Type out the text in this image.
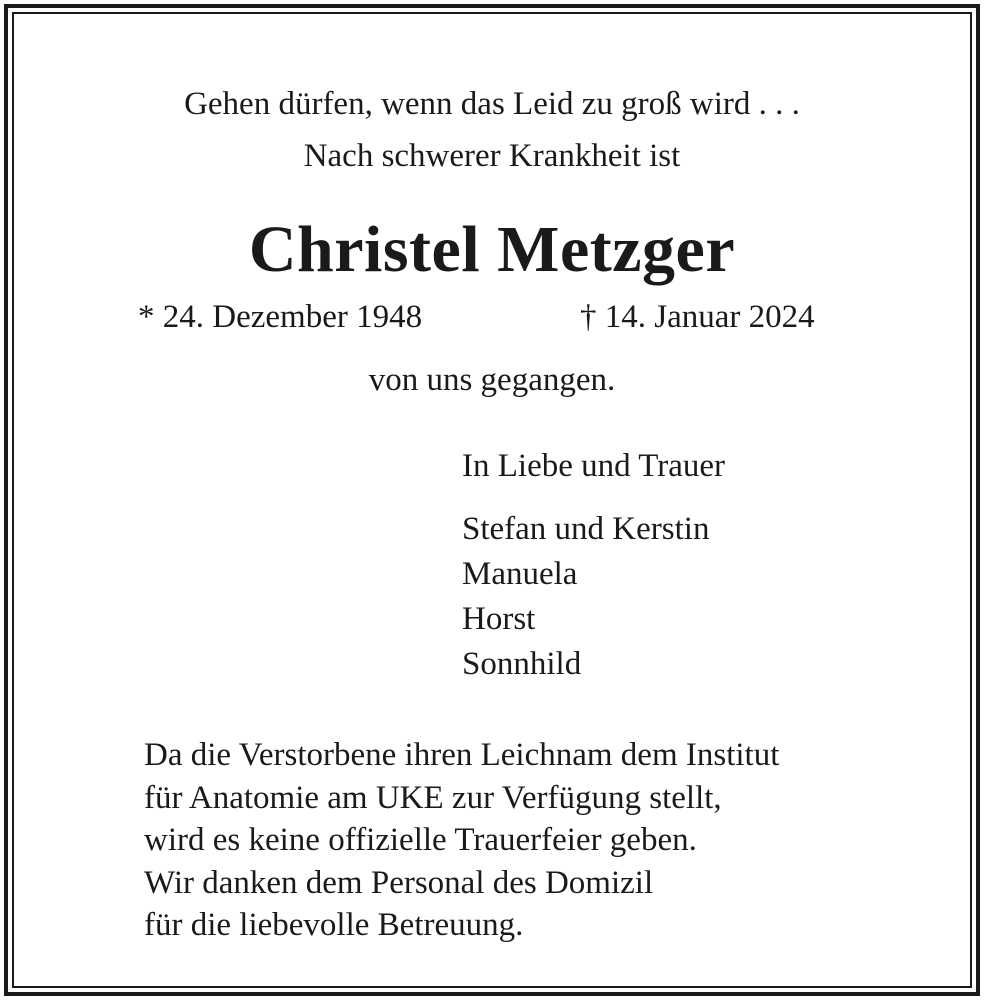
Gehen dürfen, wenn das Leid zu groß wird . . .

Nach schwerer Krankheit ist

Christel Metzger

* 24. Dezember 1948	† 14. Januar 2024

von uns gegangen.

In Liebe und Trauer

Stefan und Kerstin
Manuela
Horst
Sonnhild
Da die Verstorbene ihren Leichnam dem Institut
für Anatomie am UKE zur Verfügung stellt,
wird es keine offizielle Trauerfeier geben.
Wir danken dem Personal des Domizil
für die liebevolle Betreuung.
